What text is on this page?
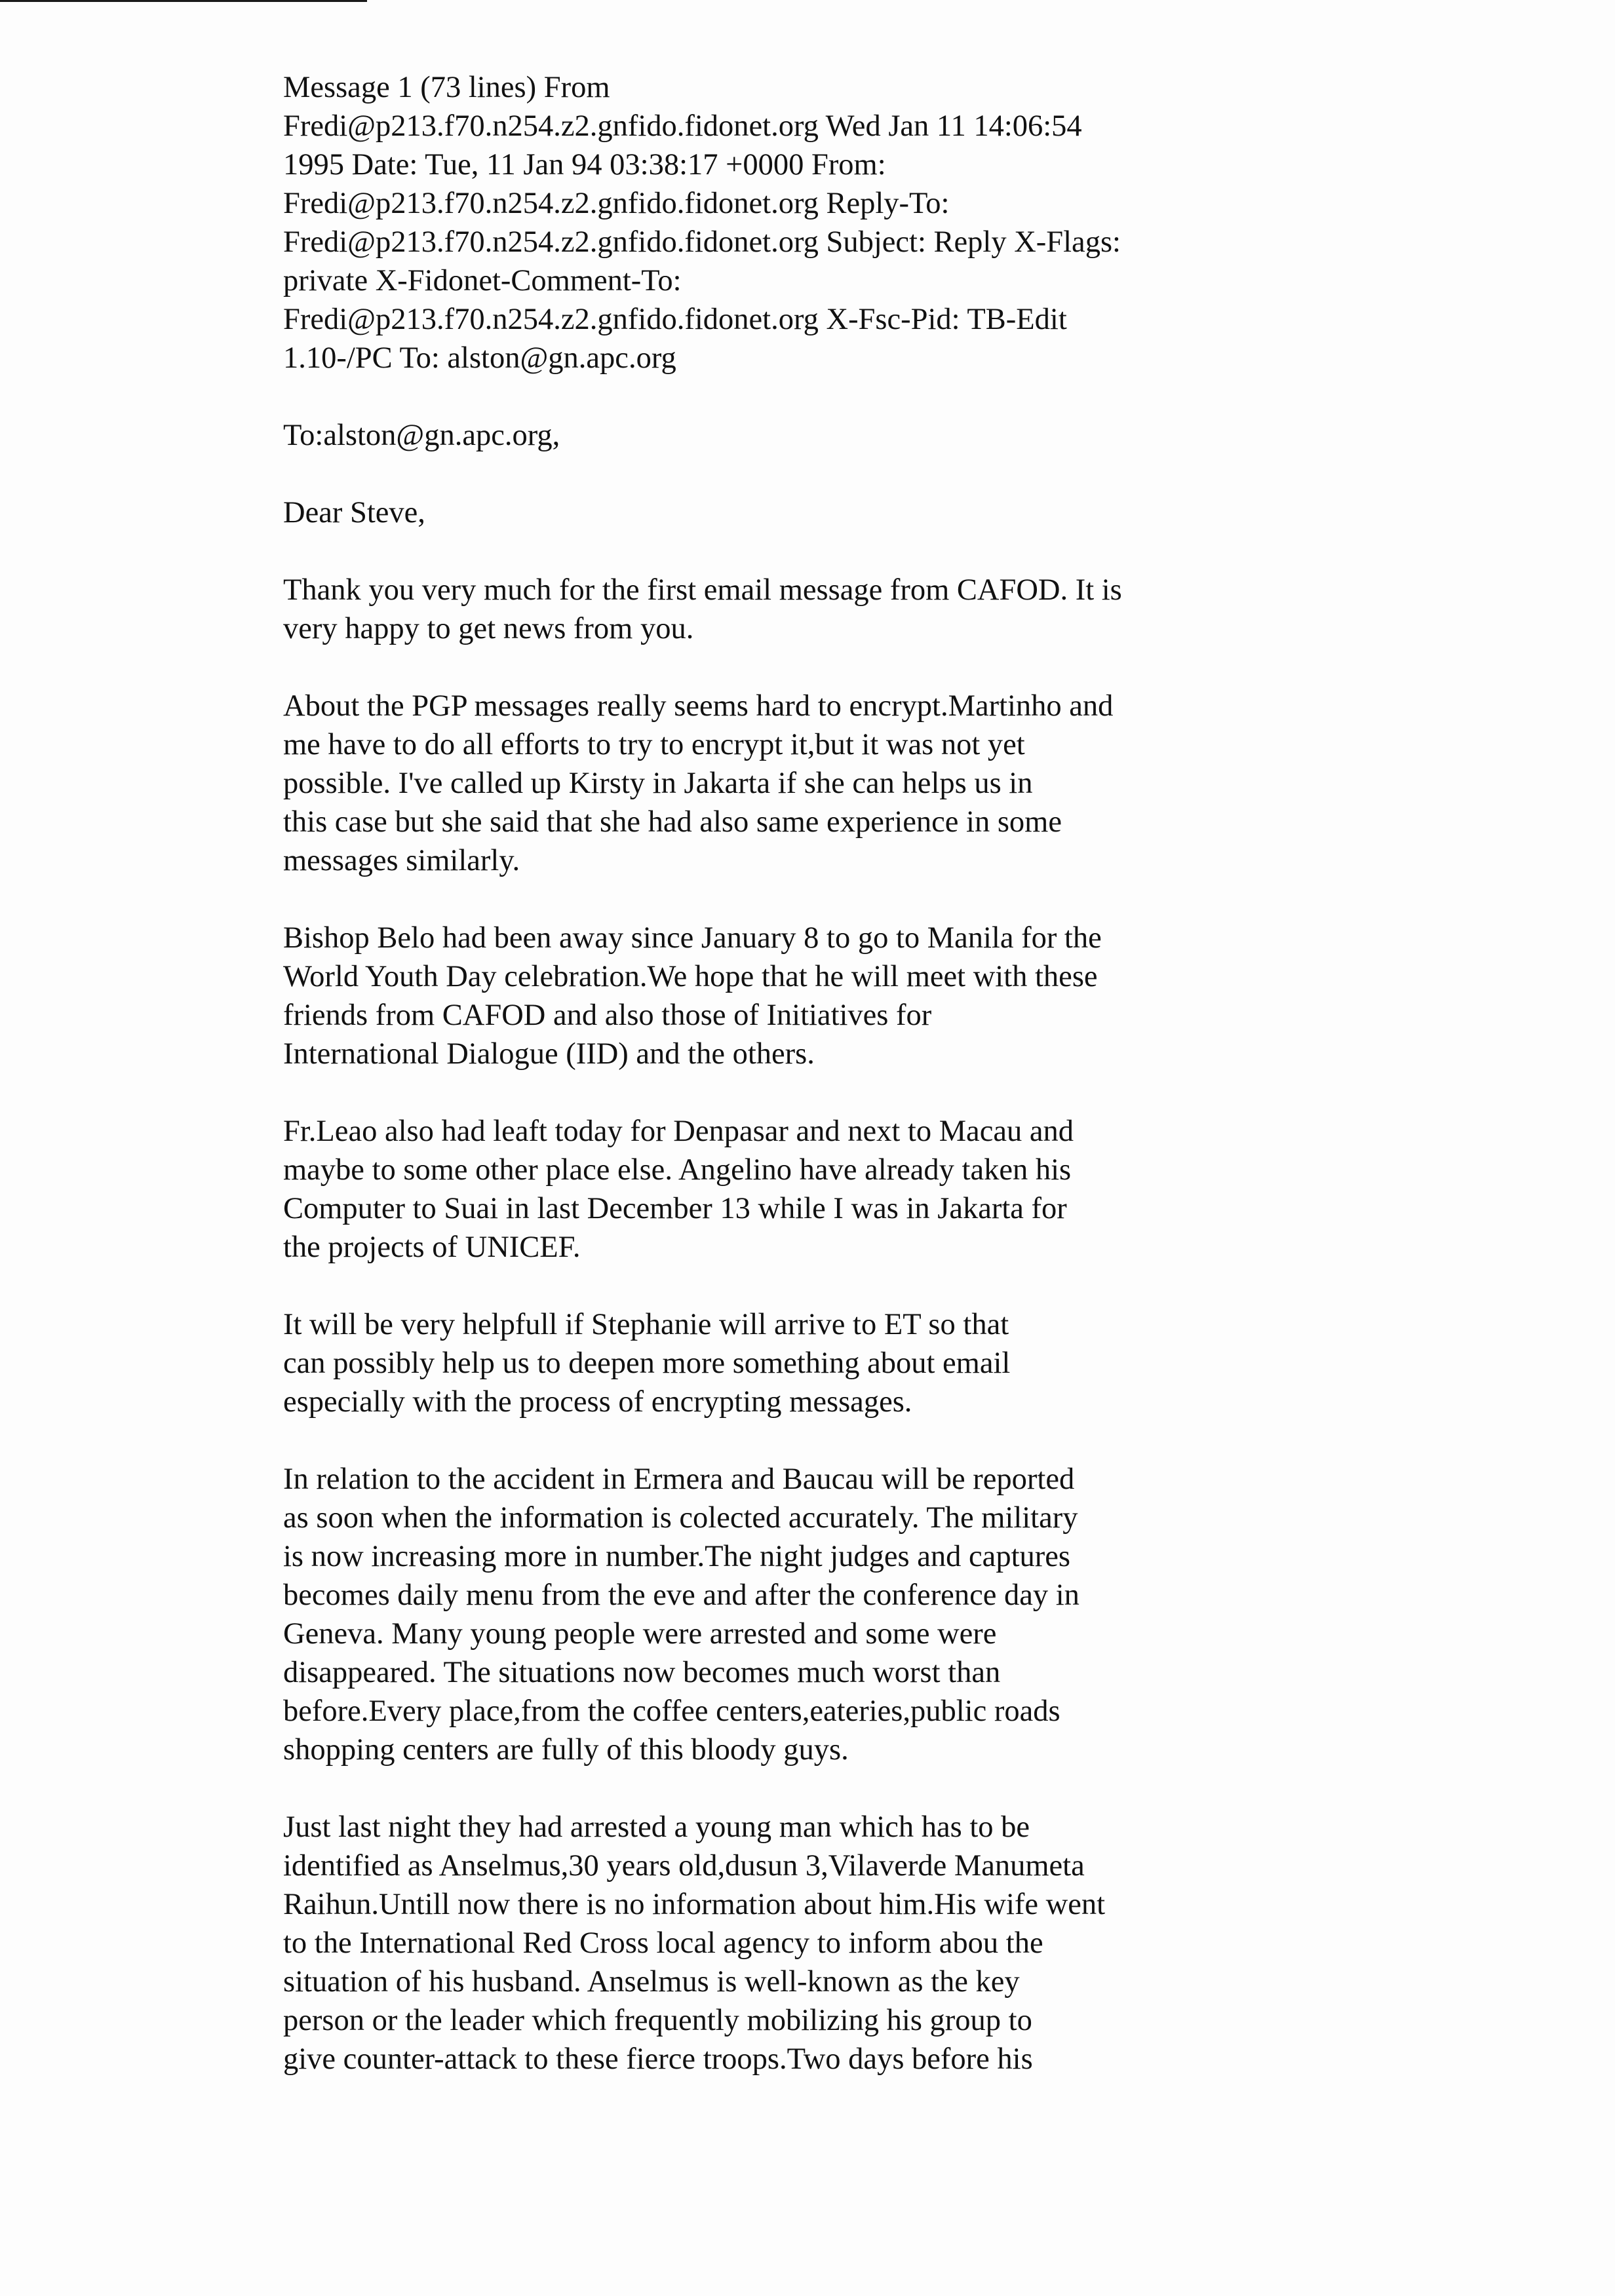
Message 1 (73 lines) From
Fredi@p213.f70.n254.z2.gnfido.fidonet.org Wed Jan 11 14:06:54
1995 Date: Tue, 11 Jan 94 03:38:17 +0000 From:
Fredi@p213.f70.n254.z2.gnfido.fidonet.org Reply-To:
Fredi@p213.f70.n254.z2.gnfido.fidonet.org Subject: Reply X-Flags:
private X-Fidonet-Comment-To:
Fredi@p213.f70.n254.z2.gnfido.fidonet.org X-Fsc-Pid: TB-Edit
1.10-/PC To: alston@gn.apc.org
To:alston@gn.apc.org,
Dear Steve,
Thank you very much for the first email message from CAFOD. It is
very happy to get news from you.
About the PGP messages really seems hard to encrypt.Martinho and
me have to do all efforts to try to encrypt it,but it was not yet
possible. I've called up Kirsty in Jakarta if she can helps us in
this case but she said that she had also same experience in some
messages similarly.
Bishop Belo had been away since January 8 to go to Manila for the
World Youth Day celebration.We hope that he will meet with these
friends from CAFOD and also those of Initiatives for
International Dialogue (IID) and the others.
Fr.Leao also had leaft today for Denpasar and next to Macau and
maybe to some other place else. Angelino have already taken his
Computer to Suai in last December 13 while I was in Jakarta for
the projects of UNICEF.
It will be very helpfull if Stephanie will arrive to ET so that
can possibly help us to deepen more something about email
especially with the process of encrypting messages.
In relation to the accident in Ermera and Baucau will be reported
as soon when the information is colected accurately. The military
is now increasing more in number.The night judges and captures
becomes daily menu from the eve and after the conference day in
Geneva. Many young people were arrested and some were
disappeared. The situations now becomes much worst than
before.Every place,from the coffee centers,eateries,public roads
shopping centers are fully of this bloody guys.
Just last night they had arrested a young man which has to be
identified as Anselmus,30 years old,dusun 3,Vilaverde Manumeta
Raihun.Untill now there is no information about him.His wife went
to the International Red Cross local agency to inform abou the
situation of his husband. Anselmus is well-known as the key
person or the leader which frequently mobilizing his group to
give counter-attack to these fierce troops.Two days before his
